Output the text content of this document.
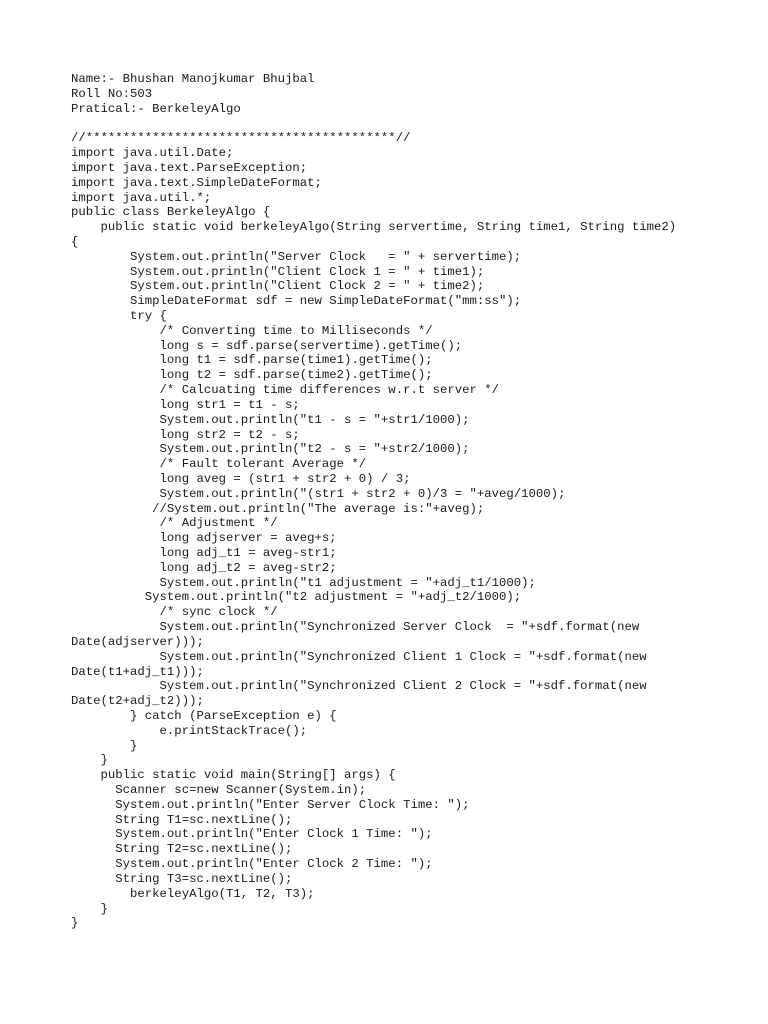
Name:- Bhushan Manojkumar Bhujbal
Roll No:503
Pratical:- BerkeleyAlgo
//******************************************//
import java.util.Date;
import java.text.ParseException;
import java.text.SimpleDateFormat;
import java.util.*;
public class BerkeleyAlgo {
public static void berkeleyAlgo(String servertime, String time1, String time2)
{
System.out.println("Server Clock   = " + servertime);
System.out.println("Client Clock 1 = " + time1);
System.out.println("Client Clock 2 = " + time2);
SimpleDateFormat sdf = new SimpleDateFormat("mm:ss");
try {
/* Converting time to Milliseconds */
long s = sdf.parse(servertime).getTime();
long t1 = sdf.parse(time1).getTime();
long t2 = sdf.parse(time2).getTime();
/* Calcuating time differences w.r.t server */
long str1 = t1 - s;
System.out.println("t1 - s = "+str1/1000);
long str2 = t2 - s;
System.out.println("t2 - s = "+str2/1000);
/* Fault tolerant Average */
long aveg = (str1 + str2 + 0) / 3;
System.out.println("(str1 + str2 + 0)/3 = "+aveg/1000);
//System.out.println("The average is:"+aveg);
/* Adjustment */
long adjserver = aveg+s;
long adj_t1 = aveg-str1;
long adj_t2 = aveg-str2;
System.out.println("t1 adjustment = "+adj_t1/1000);
System.out.println("t2 adjustment = "+adj_t2/1000);
/* sync clock */
System.out.println("Synchronized Server Clock  = "+sdf.format(new
Date(adjserver)));
System.out.println("Synchronized Client 1 Clock = "+sdf.format(new
Date(t1+adj_t1)));
System.out.println("Synchronized Client 2 Clock = "+sdf.format(new
Date(t2+adj_t2)));
} catch (ParseException e) {
e.printStackTrace();
}
}
public static void main(String[] args) {
Scanner sc=new Scanner(System.in);
System.out.println("Enter Server Clock Time: ");
String T1=sc.nextLine();
System.out.println("Enter Clock 1 Time: ");
String T2=sc.nextLine();
System.out.println("Enter Clock 2 Time: ");
String T3=sc.nextLine();
berkeleyAlgo(T1, T2, T3);
}
}
